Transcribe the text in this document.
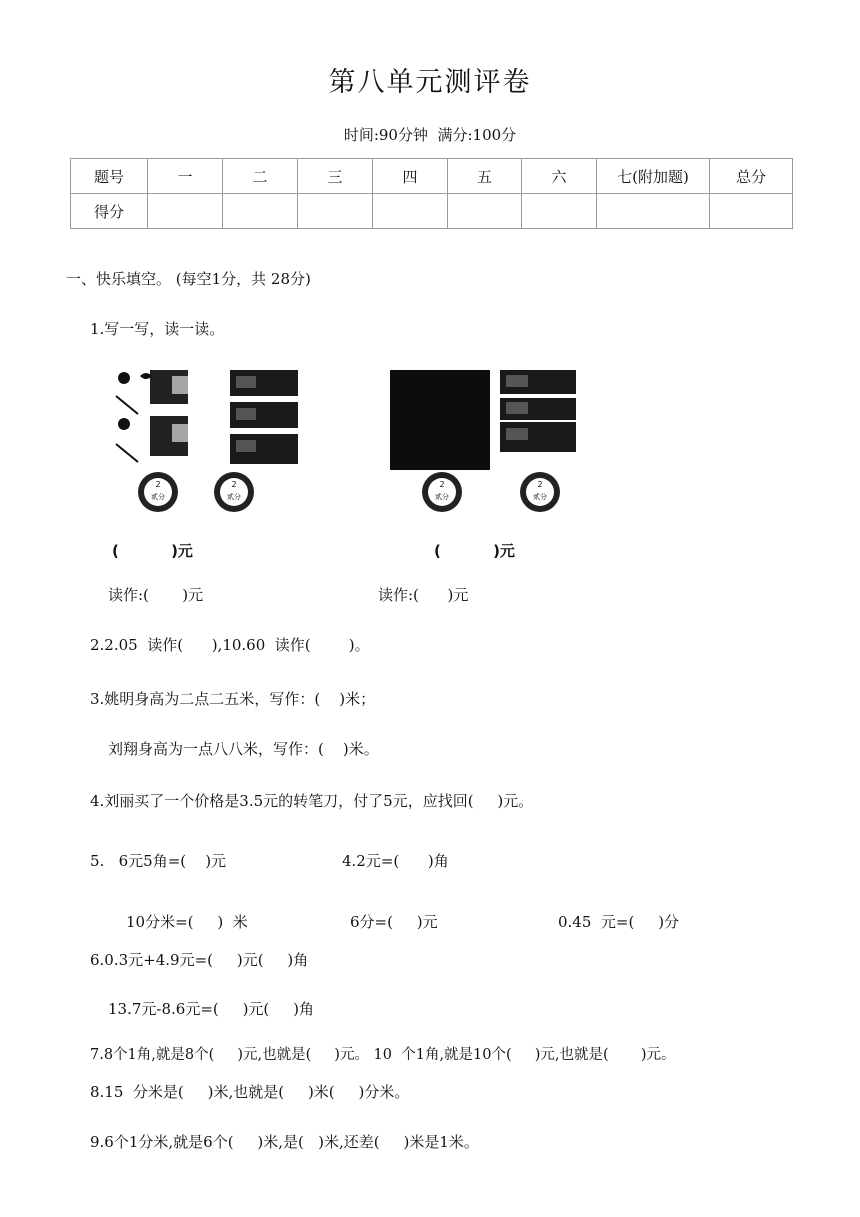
第八单元测评卷
时间:90分钟  满分:100分
题号	一	二	三	四	五	六	七(附加题)	总分
得分								
一、快乐填空。 (每空1分，共 28分)
1.写一写，读一读。
2
贰分
2
贰分
2
贰分
2
贰分
(          )元	(          )元
读作:(       )元	读作:(      )元
2.2.05  读作(      ),10.60  读作(        )。
3.姚明身高为二点二五米，写作：(    )米；
刘翔身高为一点八八米，写作：(    )米。
4.刘丽买了一个价格是3.5元的转笔刀，付了5元，应找回(     )元。
5.   6元5角=(    )元	4.2元=(      )角
10分米=(     )  米	6分=(     )元	0.45  元=(     )分
6.0.3元+4.9元=(     )元(     )角
13.7元-8.6元=(     )元(     )角
7.8个1角,就是8个(     )元,也就是(     )元。 10  个1角,就是10个(     )元,也就是(       )元。
8.15  分米是(     )米,也就是(     )米(     )分米。
9.6个1分米,就是6个(     )米,是(   )米,还差(     )米是1米。
